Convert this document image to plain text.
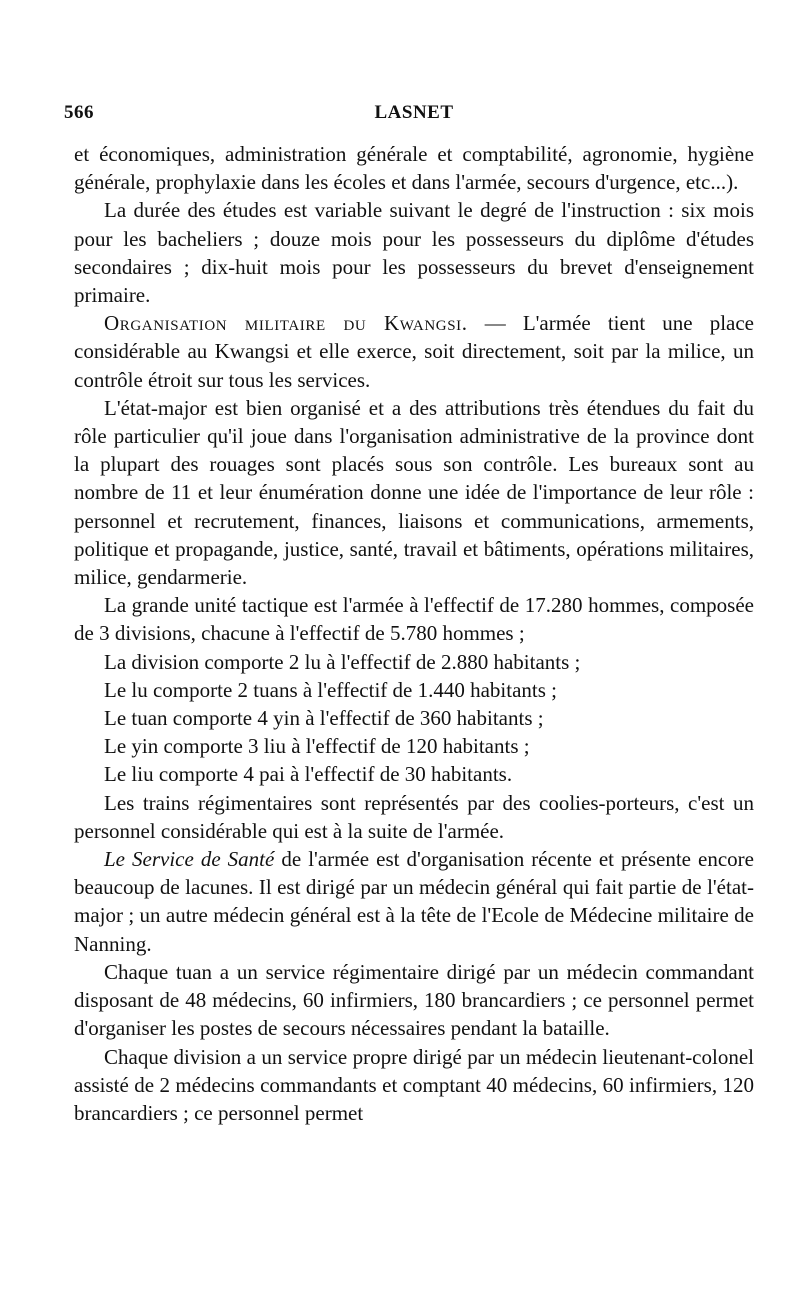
566	LASNET

et économiques, administration générale et comptabilité, agronomie, hygiène générale, prophylaxie dans les écoles et dans l'armée, secours d'urgence, etc...).

La durée des études est variable suivant le degré de l'instruction : six mois pour les bacheliers ; douze mois pour les possesseurs du diplôme d'études secondaires ; dix-huit mois pour les possesseurs du brevet d'enseignement primaire.

Organisation militaire du Kwangsi. — L'armée tient une place considérable au Kwangsi et elle exerce, soit directement, soit par la milice, un contrôle étroit sur tous les services.

L'état-major est bien organisé et a des attributions très étendues du fait du rôle particulier qu'il joue dans l'organisation administrative de la province dont la plupart des rouages sont placés sous son contrôle. Les bureaux sont au nombre de 11 et leur énumération donne une idée de l'importance de leur rôle : personnel et recrutement, finances, liaisons et communications, armements, politique et propagande, justice, santé, travail et bâtiments, opérations militaires, milice, gendarmerie.

La grande unité tactique est l'armée à l'effectif de 17.280 hommes, composée de 3 divisions, chacune à l'effectif de 5.780 hommes ;

La division comporte 2 lu à l'effectif de 2.880 habitants ;

Le lu comporte 2 tuans à l'effectif de 1.440 habitants ;

Le tuan comporte 4 yin à l'effectif de 360 habitants ;

Le yin comporte 3 liu à l'effectif de 120 habitants ;

Le liu comporte 4 pai à l'effectif de 30 habitants.

Les trains régimentaires sont représentés par des coolies-porteurs, c'est un personnel considérable qui est à la suite de l'armée.

Le Service de Santé de l'armée est d'organisation récente et présente encore beaucoup de lacunes. Il est dirigé par un médecin général qui fait partie de l'état-major ; un autre médecin général est à la tête de l'Ecole de Médecine militaire de Nanning.

Chaque tuan a un service régimentaire dirigé par un médecin commandant disposant de 48 médecins, 60 infirmiers, 180 brancardiers ; ce personnel permet d'organiser les postes de secours nécessaires pendant la bataille.

Chaque division a un service propre dirigé par un médecin lieutenant-colonel assisté de 2 médecins commandants et comptant 40 médecins, 60 infirmiers, 120 brancardiers ; ce personnel permet
